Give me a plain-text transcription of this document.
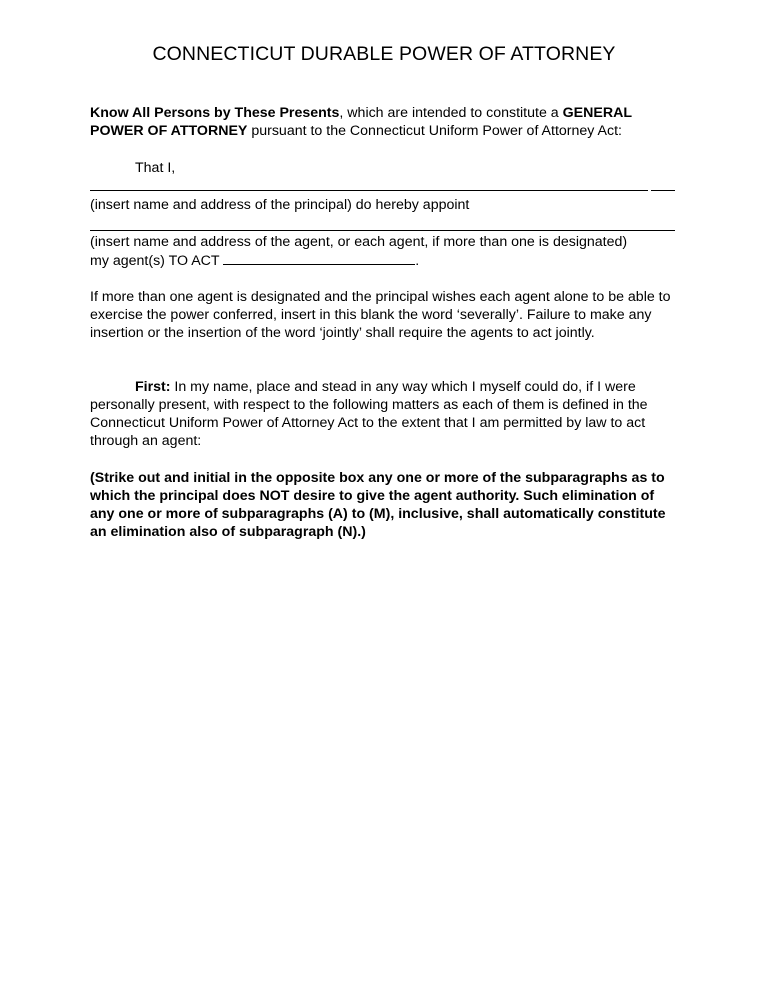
CONNECTICUT DURABLE POWER OF ATTORNEY
Know All Persons by These Presents, which are intended to constitute a GENERAL POWER OF ATTORNEY pursuant to the Connecticut Uniform Power of Attorney Act:
That I,
(insert name and address of the principal) do hereby appoint
(insert name and address of the agent, or each agent, if more than one is designated)
my agent(s) TO ACT	.
If more than one agent is designated and the principal wishes each agent alone to be able to exercise the power conferred, insert in this blank the word ‘severally’. Failure to make any insertion or the insertion of the word ‘jointly’ shall require the agents to act jointly.
First: In my name, place and stead in any way which I myself could do, if I were personally present, with respect to the following matters as each of them is defined in the Connecticut Uniform Power of Attorney Act to the extent that I am permitted by law to act through an agent:
(Strike out and initial in the opposite box any one or more of the subparagraphs as to which the principal does NOT desire to give the agent authority. Such elimination of any one or more of subparagraphs (A) to (M), inclusive, shall automatically constitute an elimination also of subparagraph (N).)
